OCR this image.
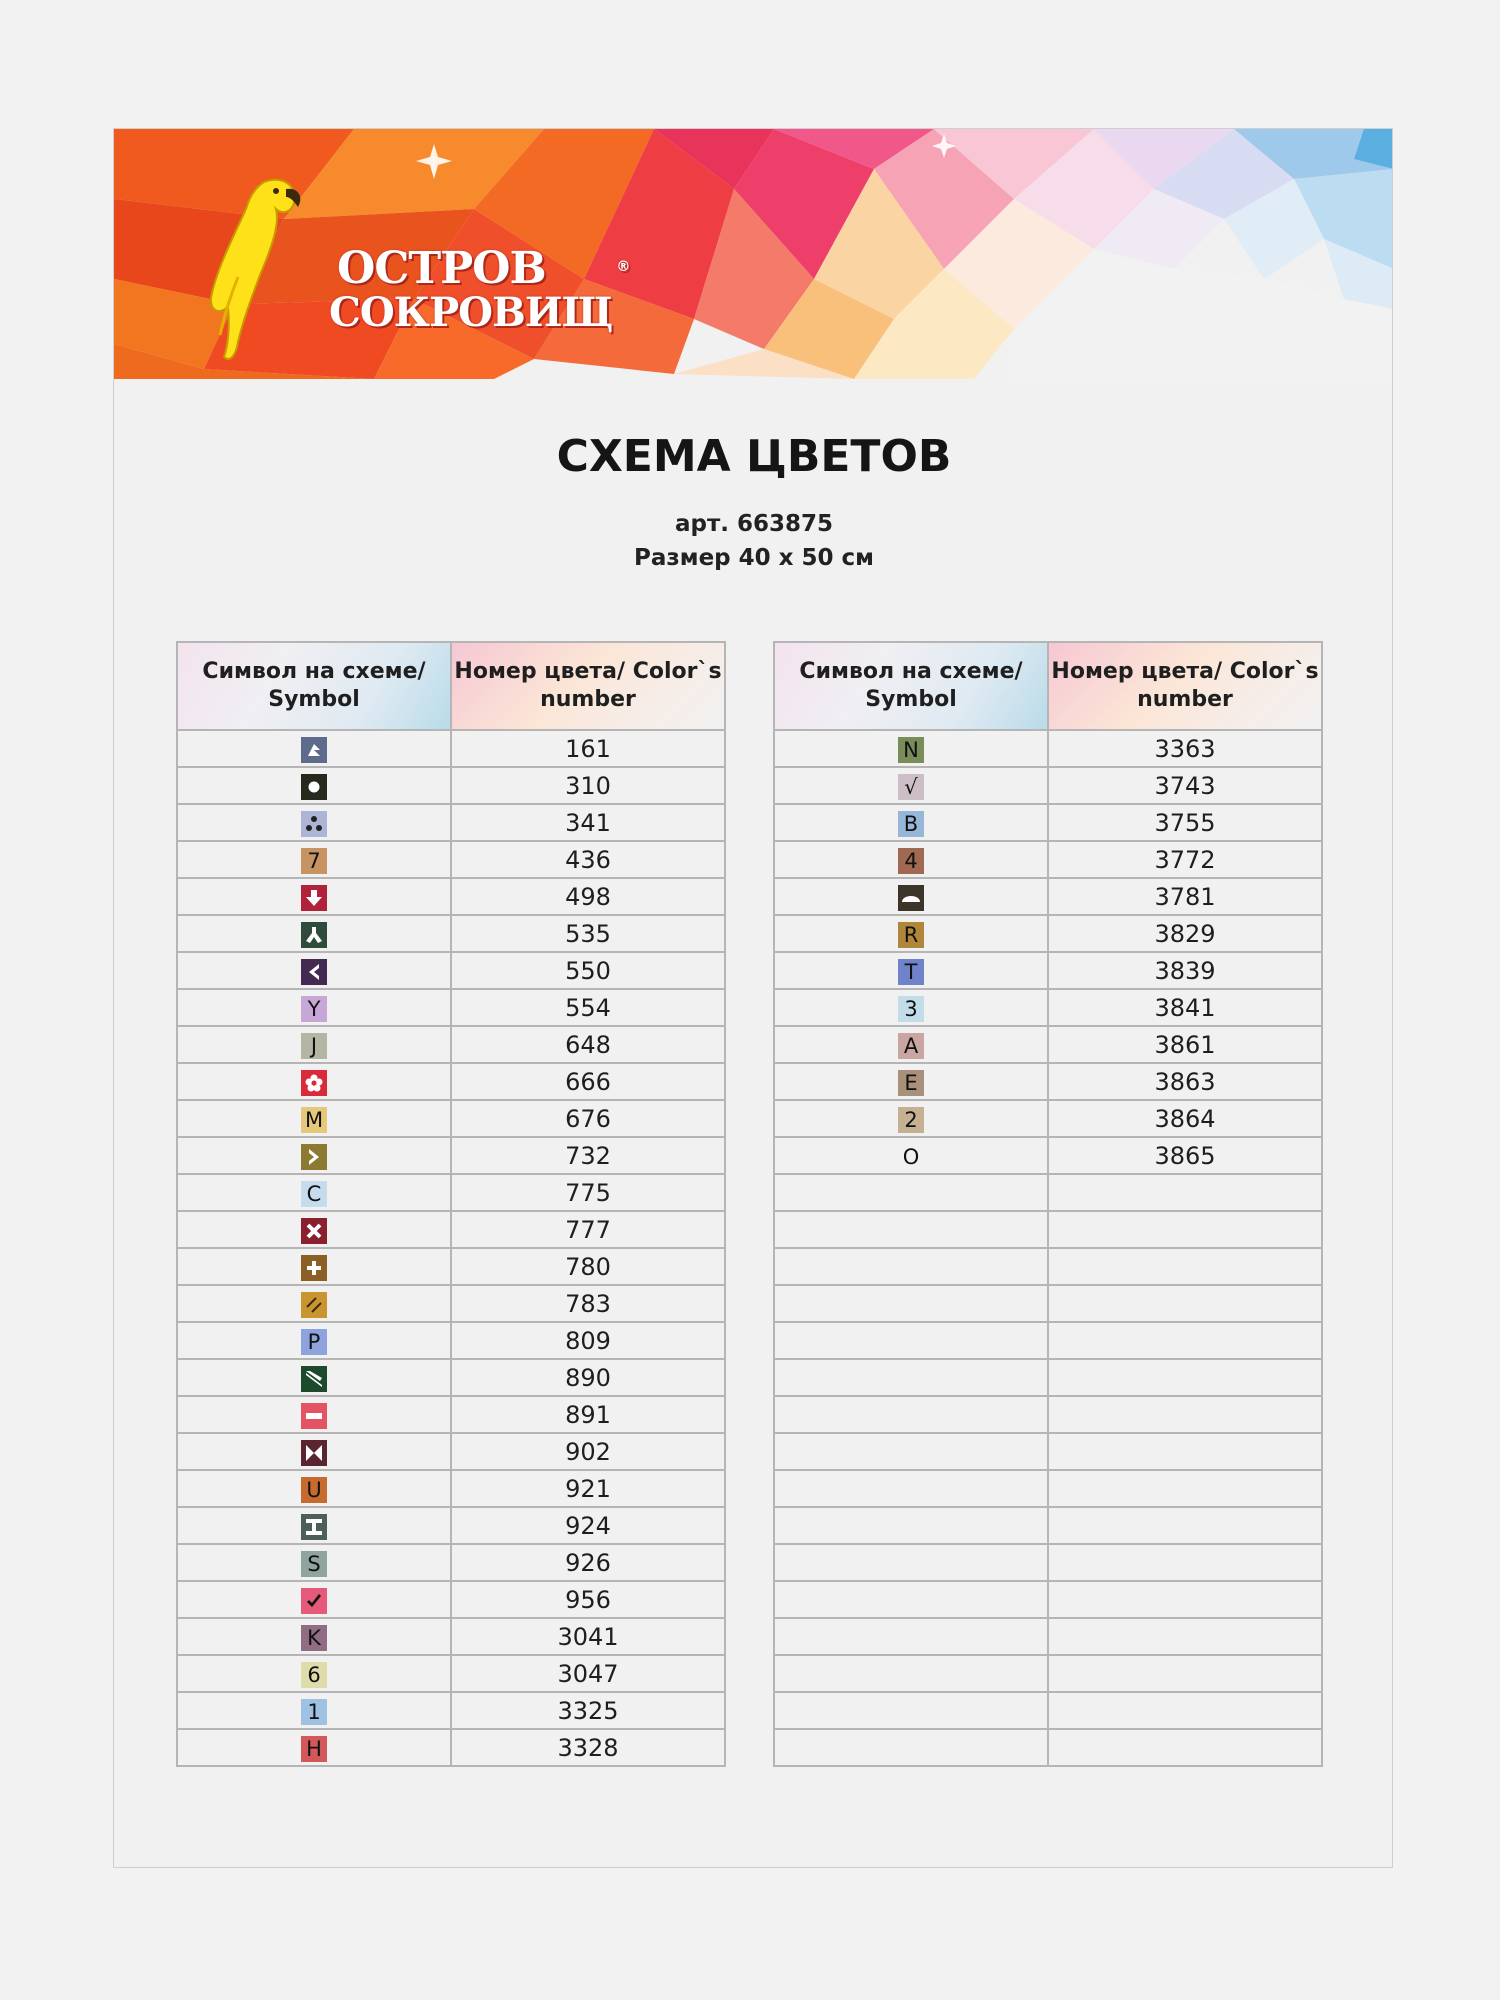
ОСТРОВ
СОКРОВИЩ
®
СХЕМА ЦВЕТОВ
арт. 663875
Размер 40 х 50 см
Символ на схеме/ Symbol	Номер цвета/ Color`s number

	161

	310

	341
7	436

	498

	535

	550
Y	554
J	648

	666
M	676

	732
C	775

	777

	780

	783
P	809

	890

	891

	902
U	921

	924
S	926

	956
K	3041
6	3047
1	3325
H	3328
Символ на схеме/ Symbol	Номер цвета/ Color`s number
N	3363
√	3743
B	3755
4	3772

	3781
R	3829
T	3839
3	3841
A	3861
E	3863
2	3864
O	3865
